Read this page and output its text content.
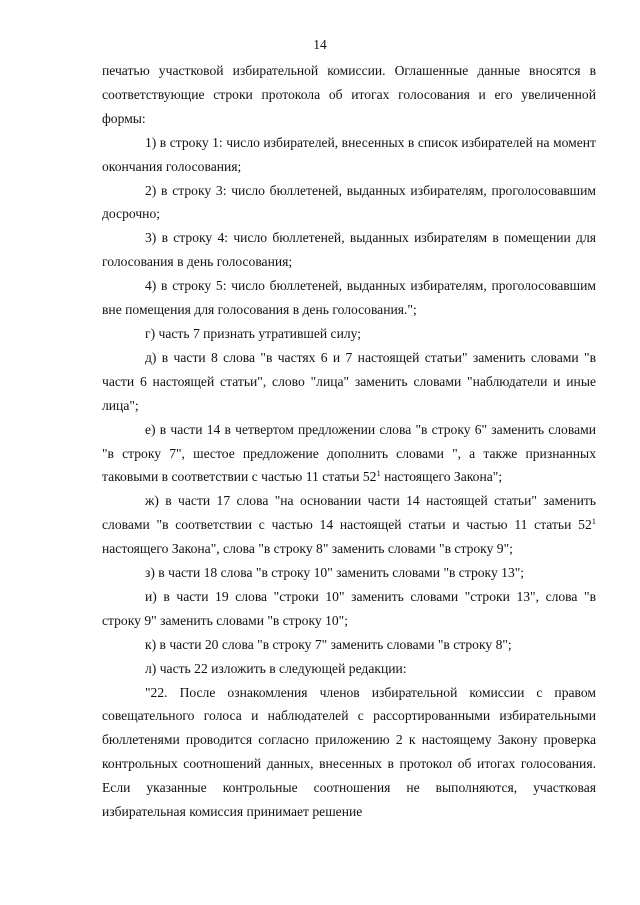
14

печатью участковой избирательной комиссии. Оглашенные данные вносятся в соответствующие строки протокола об итогах голосования и его увеличенной формы:

1) в строку 1: число избирателей, внесенных в список избирателей на момент окончания голосования;

2) в строку 3: число бюллетеней, выданных избирателям, проголосовавшим досрочно;

3) в строку 4: число бюллетеней, выданных избирателям в помещении для голосования в день голосования;

4) в строку 5: число бюллетеней, выданных избирателям, проголосовавшим вне помещения для голосования в день голосования.";

г) часть 7 признать утратившей силу;

д) в части 8 слова "в частях 6 и 7 настоящей статьи" заменить словами "в части 6 настоящей статьи", слово "лица" заменить словами "наблюдатели и иные лица";

е) в части 14 в четвертом предложении слова "в строку 6" заменить словами "в строку 7", шестое предложение дополнить словами ", а также признанных таковыми в соответствии с частью 11 статьи $52^1$ настоящего Закона";

ж) в части 17 слова "на основании части 14 настоящей статьи" заменить словами "в соответствии с частью 14 настоящей статьи и частью 11 статьи $52^1$ настоящего Закона", слова "в строку 8" заменить словами "в строку 9";

з) в части 18 слова "в строку 10" заменить словами "в строку 13";

и) в части 19 слова "строки 10" заменить словами "строки 13", слова "в строку 9" заменить словами "в строку 10";

к) в части 20 слова "в строку 7" заменить словами "в строку 8";

л) часть 22 изложить в следующей редакции:

"22. После ознакомления членов избирательной комиссии с правом совещательного голоса и наблюдателей с рассортированными избирательными бюллетенями проводится согласно приложению 2 к настоящему Закону проверка контрольных соотношений данных, внесенных в протокол об итогах голосования. Если указанные контрольные соотношения не выполняются, участковая избирательная комиссия принимает решение
